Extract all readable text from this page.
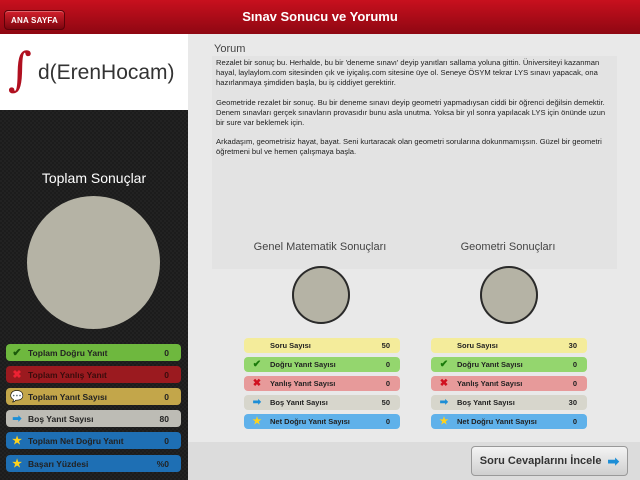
ANA SAYFA	Sınav Sonucu ve Yorumu
∫ d(ErenHocam)
Toplam Sonuçlar
✔ Toplam Doğru Yanıt	0
✖ Toplam Yanlış Yanıt	0
💬 Toplam Yanıt Sayısı	0
➡ Boş Yanıt Sayısı	80
★ Toplam Net Doğru Yanıt	0
★ Başarı Yüzdesi	%0
Yorum

Rezalet bir sonuç bu. Herhalde, bu bir 'deneme sınavı' deyip yanıtları sallama yoluna gittin. Üniversiteyi kazanman hayal, laylaylom.com sitesinden çık ve iyiçalış.com sitesine üye ol. Seneye ÖSYM tekrar LYS sınavı yapacak, ona hazırlanmaya şimdiden başla, bu iş ciddiyet gerektirir.

Geometride rezalet bir sonuç. Bu bir deneme sınavı deyip geometri yapmadıysan ciddi bir öğrenci değilsin demektir. Denem sınavları gerçek sınavların provasıdır bunu asla unutma. Yoksa bir yıl sonra yapılacak LYS için önünde uzun bir sure var beklemek için.

Arkadaşım, geometrisiz hayat, bayat. Seni kurtaracak olan geometri sorularına dokunmamışsın. Güzel bir geometri öğretmeni bul ve hemen çalışmaya başla.

Genel Matematik Sonuçları
Soru Sayısı	50
✔	Doğru Yanıt Sayısı	0
✖	Yanlış Yanıt Sayısı	0
➡	Boş Yanıt Sayısı	50
★	Net Doğru Yanıt Sayısı	0
Geometri Sonuçları
Soru Sayısı	30
✔	Doğru Yanıt Sayısı	0
✖	Yanlış Yanıt Sayısı	0
➡	Boş Yanıt Sayısı	30
★	Net Doğru Yanıt Sayısı	0
Soru Cevaplarını İncele ➡
